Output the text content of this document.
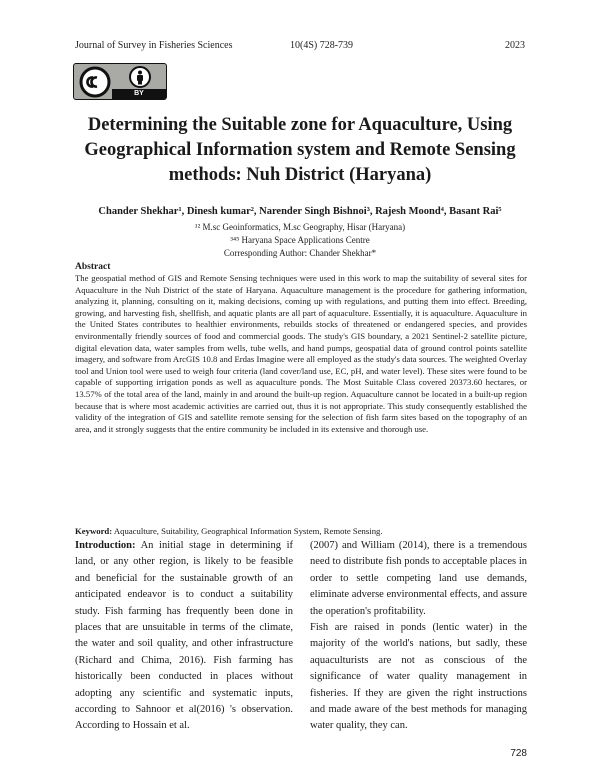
Journal of Survey in Fisheries Sciences	10(4S) 728-739	2023
BY
Determining the Suitable zone for Aquaculture, Using Geographical Information system and Remote Sensing methods: Nuh District (Haryana)
Chander Shekhar¹, Dinesh kumar², Narender Singh Bishnoi³, Rajesh Moond⁴, Basant Rai⁵
¹² M.sc Geoinformatics, M.sc Geography, Hisar (Haryana)
³⁴⁵ Haryana Space Applications Centre
Corresponding Author: Chander Shekhar*
Abstract
The geospatial method of GIS and Remote Sensing techniques were used in this work to map the suitability of several sites for Aquaculture in the Nuh District of the state of Haryana. Aquaculture management is the procedure for gathering information, analyzing it, planning, consulting on it, making decisions, coming up with regulations, and putting them into effect. Breeding, growing, and harvesting fish, shellfish, and aquatic plants are all part of aquaculture. Essentially, it is aquaculture. Aquaculture in the United States contributes to healthier environments, rebuilds stocks of threatened or endangered species, and provides environmentally friendly sources of food and commercial goods. The study's GIS boundary, a 2021 Sentinel-2 satellite picture, digital elevation data, water samples from wells, tube wells, and hand pumps, geospatial data of ground control points satellite imagery, and software from ArcGIS 10.8 and Erdas Imagine were all employed as the study's data sources. The weighted Overlay tool and Union tool were used to weigh four criteria (land cover/land use, EC, pH, and water level). These sites were found to be capable of supporting irrigation ponds as well as aquaculture ponds. The Most Suitable Class covered 20373.60 hectares, or 13.57% of the total area of the land, mainly in and around the built-up region. Aquaculture cannot be located in a built-up region because that is where most academic activities are carried out, thus it is not appropriate. This study consequently established the validity of the integration of GIS and satellite remote sensing for the selection of fish farm sites based on the topography of an area, and it strongly suggests that the entire community be included in its extensive and thorough use.
Keyword: Aquaculture, Suitability, Geographical Information System, Remote Sensing.

Introduction: An initial stage in determining if land, or any other region, is likely to be feasible and beneficial for the sustainable growth of an anticipated endeavor is to conduct a suitability study. Fish farming has frequently been done in places that are unsuitable in terms of the climate, the water and soil quality, and other infrastructure (Richard and Chima, 2016). Fish farming has historically been conducted in places without adopting any scientific and systematic inputs, according to Sahnoor et al(2016) 's observation. According to Hossain et al.

(2007) and William (2014), there is a tremendous need to distribute fish ponds to acceptable places in order to settle competing land use demands, eliminate adverse environmental effects, and assure the operation's profitability.

Fish are raised in ponds (lentic water) in the majority of the world's nations, but sadly, these aquaculturists are not as conscious of the significance of water quality management in fisheries. If they are given the right instructions and made aware of the best methods for managing water quality, they can.

728
